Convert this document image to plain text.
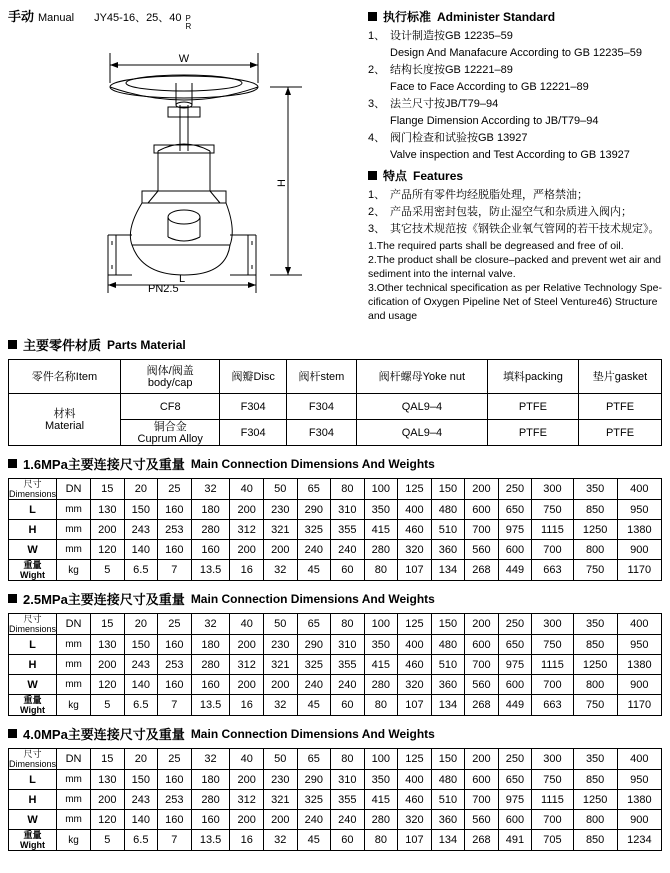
手动 Manual JY45-16、25、40 P
R
W
H
L
PN2.5
执行标准 Administer Standard
1、 设计制造按GB 12235–59
Design And Manafacure According to GB 12235–59
2、 结构长度按GB 12221–89
Face to Face According to GB 12221–89
3、 法兰尺寸按JB/T79–94
Flange Dimension According to JB/T79–94
4、 阀门检查和试验按GB 13927
Valve inspection and Test According to GB 13927
特点 Features
1、 产品所有零件均经脱脂处理，严格禁油；
2、 产品采用密封包装，防止湿空气和杂质进入阀内；
3、 其它技术规范按《钢铁企业氧气管网的若干技术规定》。

1.The required parts shall be degreased and free of oil.

2.The product shall be closure–packed and prevent wet air and

sediment into the internal valve.

3.Other technical specification as per Relative Technology Spe-

cification of Oxygen Pipeline Net of Steel Venture46) Structure

and usage

主要零件材质 Parts Material
零件名称Item	阀体/阀盖
body/cap	阀瓣Disc	阀杆stem	阀杆螺母Yoke nut	填料packing	垫片gasket

材料
Material	CF8	F304	F304	QAL9–4	PTFE	PTFE

	铜合金
Cuprum Alloy	F304	F304	QAL9–4	PTFE	PTFE
1.6MPa主要连接尺寸及重量 Main Connection Dimensions And Weights
尺寸
Dimensions	DN	15	20	25	32	40	50	65	80	100	125	150	200	250	300	350	400
L	mm	130	150	160	180	200	230	290	310	350	400	480	600	650	750	850	950
H	mm	200	243	253	280	312	321	325	355	415	460	510	700	975	1115	1250	1380
W	mm	120	140	160	160	200	200	240	240	280	320	360	560	600	700	800	900

重量
Wight	kg	5	6.5	7	13.5	16	32	45	60	80	107	134	268	449	663	750	1170
2.5MPa主要连接尺寸及重量 Main Connection Dimensions And Weights
尺寸
Dimensions	DN	15	20	25	32	40	50	65	80	100	125	150	200	250	300	350	400
L	mm	130	150	160	180	200	230	290	310	350	400	480	600	650	750	850	950
H	mm	200	243	253	280	312	321	325	355	415	460	510	700	975	1115	1250	1380
W	mm	120	140	160	160	200	200	240	240	280	320	360	560	600	700	800	900

重量
Wight	kg	5	6.5	7	13.5	16	32	45	60	80	107	134	268	449	663	750	1170
4.0MPa主要连接尺寸及重量 Main Connection Dimensions And Weights
尺寸
Dimensions	DN	15	20	25	32	40	50	65	80	100	125	150	200	250	300	350	400
L	mm	130	150	160	180	200	230	290	310	350	400	480	600	650	750	850	950
H	mm	200	243	253	280	312	321	325	355	415	460	510	700	975	1115	1250	1380
W	mm	120	140	160	160	200	200	240	240	280	320	360	560	600	700	800	900

重量
Wight	kg	5	6.5	7	13.5	16	32	45	60	80	107	134	268	491	705	850	1234
